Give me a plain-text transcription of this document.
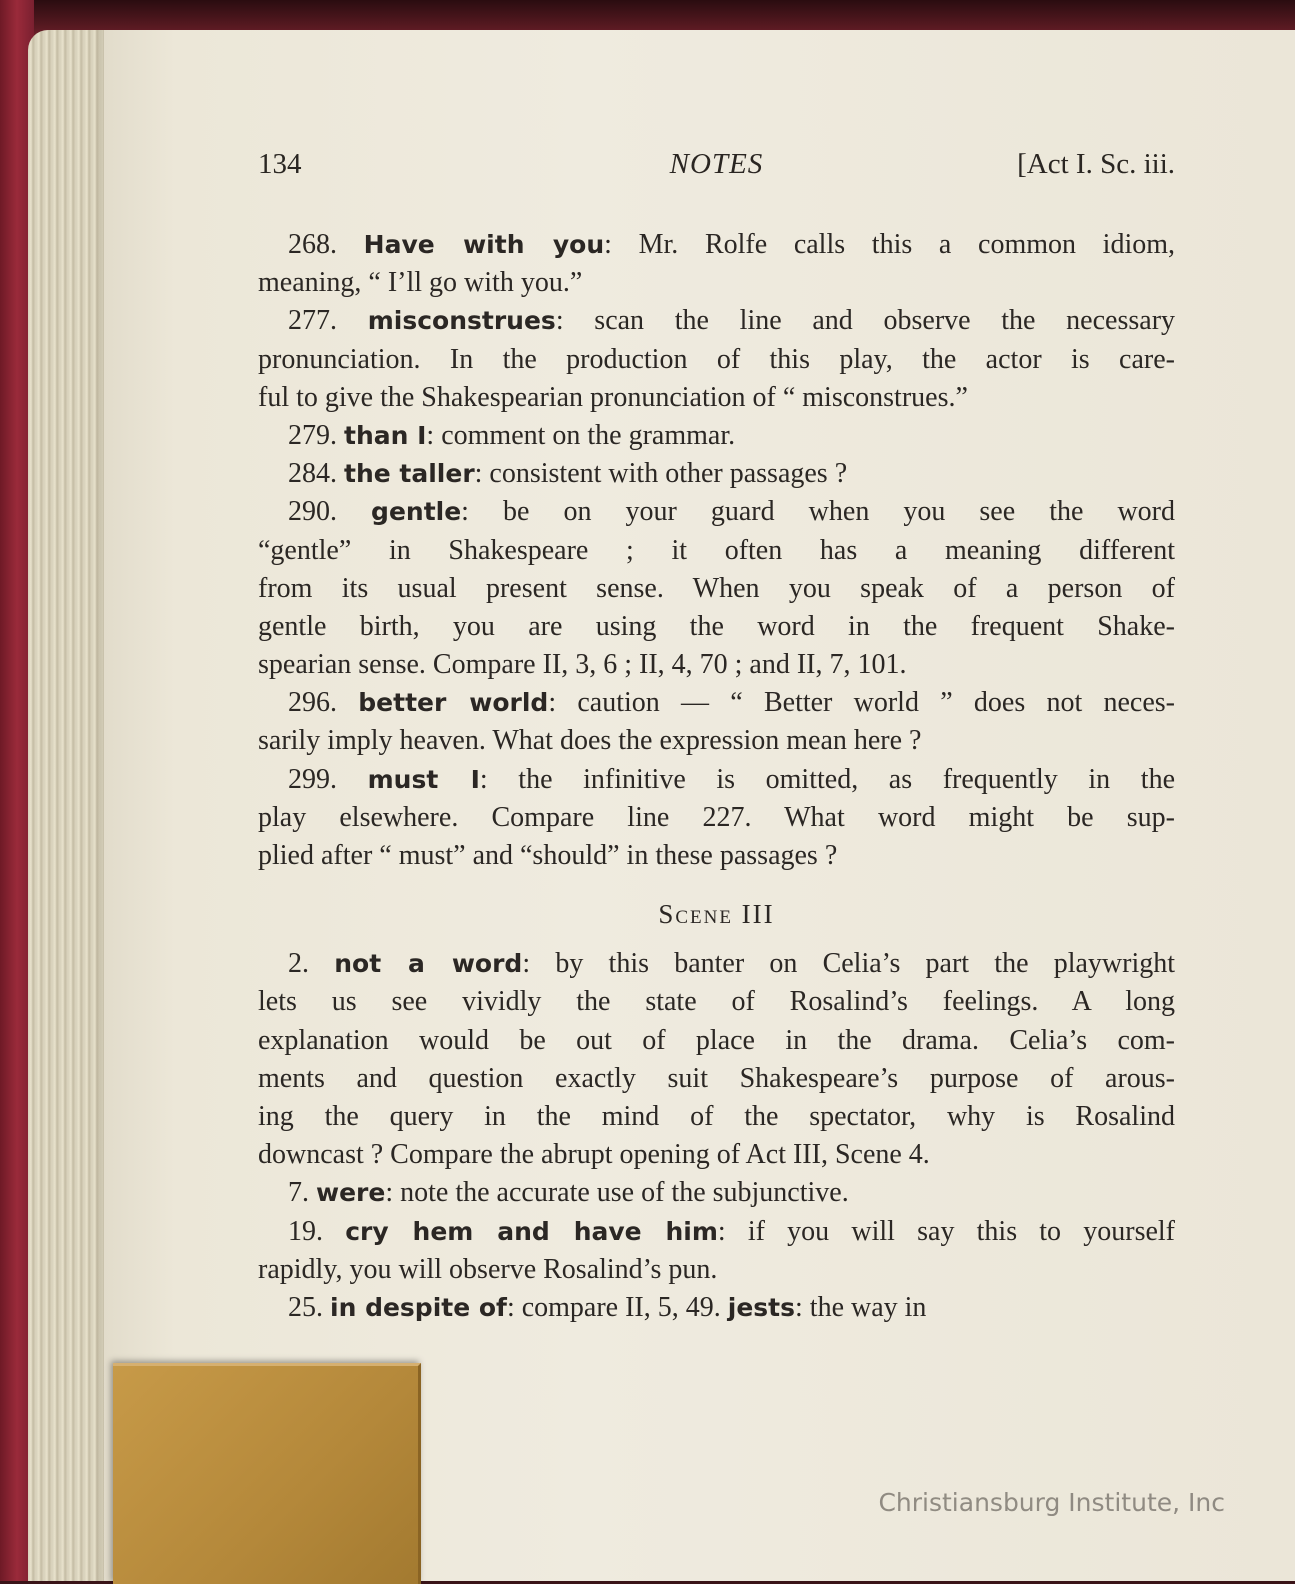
134	NOTES	[Act I. Sc. iii.
268. Have with you: Mr. Rolfe calls this a common idiom,
meaning, “ I’ll go with you.”
277. misconstrues: scan the line and observe the necessary
pronunciation. In the production of this play, the actor is care-
ful to give the Shakespearian pronunciation of “ misconstrues.”
279. than I: comment on the grammar.
284. the taller: consistent with other passages ?
290. gentle: be on your guard when you see the word
“gentle” in Shakespeare ; it often has a meaning different
from its usual present sense. When you speak of a person of
gentle birth, you are using the word in the frequent Shake-
spearian sense. Compare II, 3, 6 ; II, 4, 70 ; and II, 7, 101.
296. better world: caution — “ Better world ” does not neces-
sarily imply heaven. What does the expression mean here ?
299. must I: the infinitive is omitted, as frequently in the
play elsewhere. Compare line 227. What word might be sup-
plied after “ must” and “should” in these passages ?
Scene III
2. not a word: by this banter on Celia’s part the playwright
lets us see vividly the state of Rosalind’s feelings. A long
explanation would be out of place in the drama. Celia’s com-
ments and question exactly suit Shakespeare’s purpose of arous-
ing the query in the mind of the spectator, why is Rosalind
downcast ? Compare the abrupt opening of Act III, Scene 4.
7. were: note the accurate use of the subjunctive.
19. cry hem and have him: if you will say this to yourself
rapidly, you will observe Rosalind’s pun.
25. in despite of: compare II, 5, 49. jests: the way in
Christiansburg Institute, Inc
